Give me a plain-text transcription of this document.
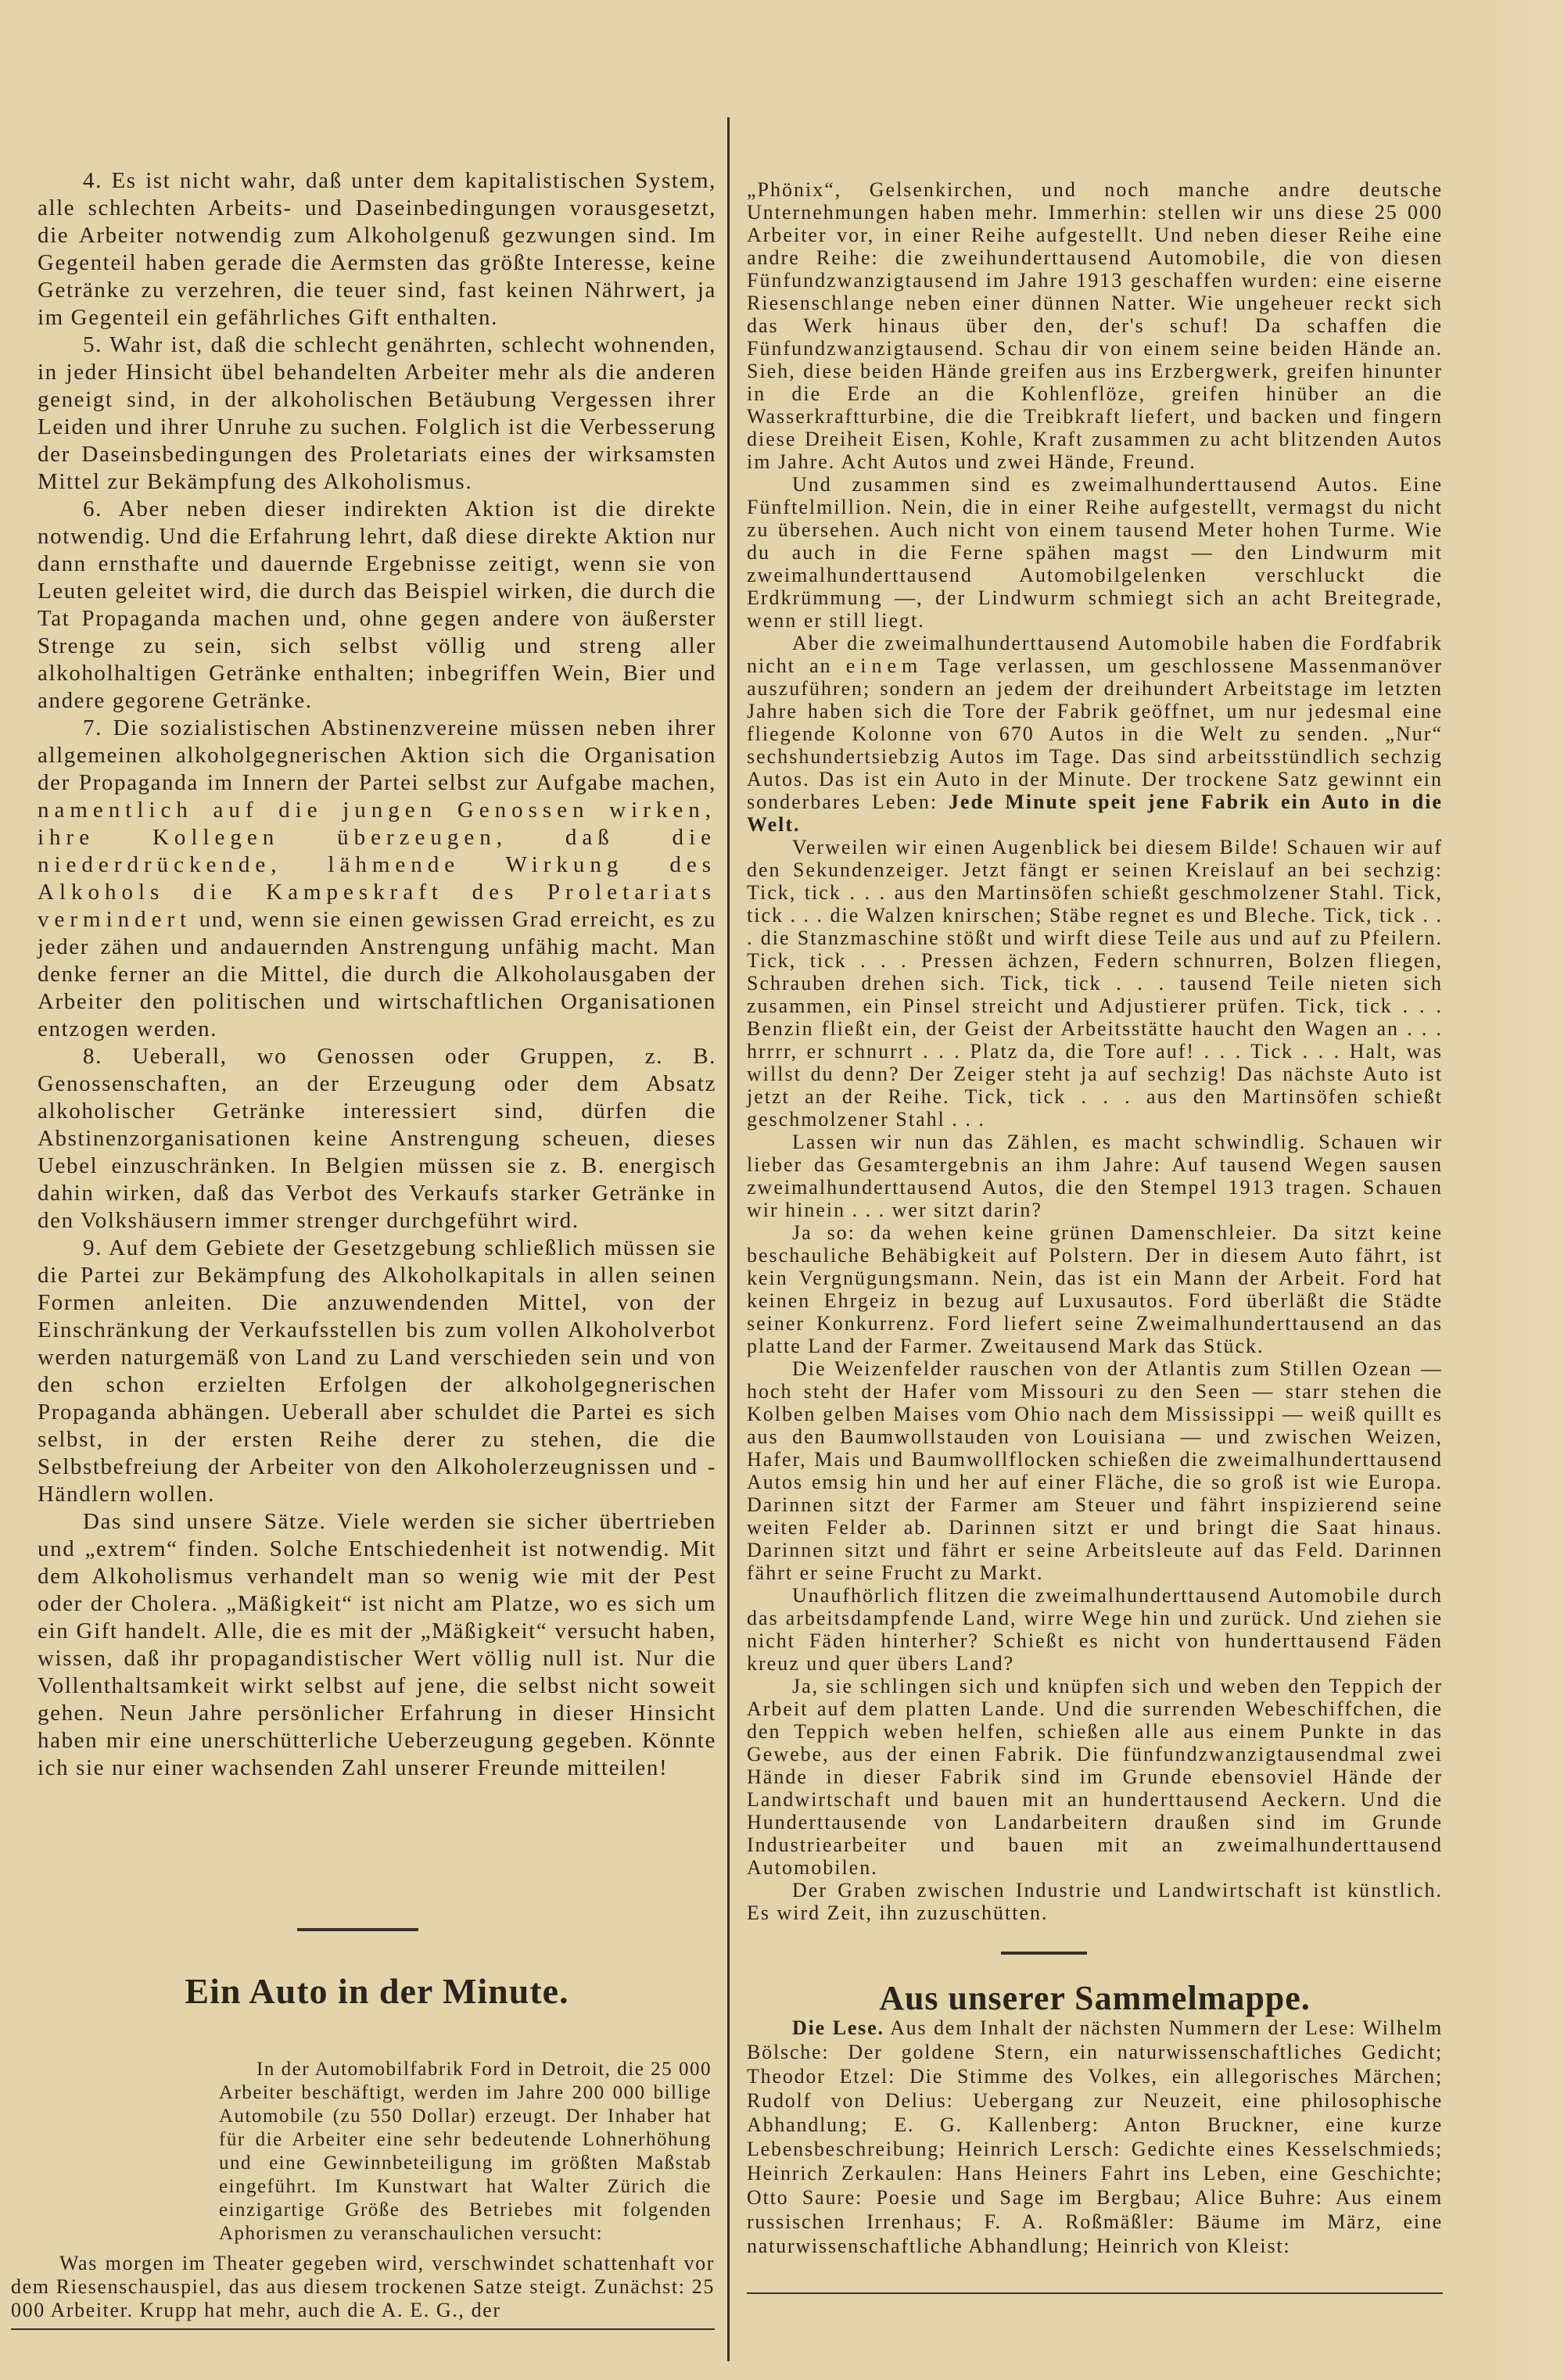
4. Es ist nicht wahr, daß unter dem kapitalistischen System, alle schlechten Arbeits- und Daseinbedingungen vorausgesetzt, die Arbeiter notwendig zum Alkoholgenuß gezwungen sind. Im Gegenteil haben gerade die Aermsten das größte Interesse, keine Getränke zu verzehren, die teuer sind, fast keinen Nährwert, ja im Gegenteil ein gefährliches Gift enthalten.

5. Wahr ist, daß die schlecht genährten, schlecht wohnenden, in jeder Hinsicht übel behandelten Arbeiter mehr als die anderen geneigt sind, in der alkoholischen Betäubung Vergessen ihrer Leiden und ihrer Unruhe zu suchen. Folglich ist die Verbesserung der Daseinsbedingungen des Proletariats eines der wirksamsten Mittel zur Bekämpfung des Alkoholismus.

6. Aber neben dieser indirekten Aktion ist die direkte notwendig. Und die Erfahrung lehrt, daß diese direkte Aktion nur dann ernsthafte und dauernde Ergebnisse zeitigt, wenn sie von Leuten geleitet wird, die durch das Beispiel wirken, die durch die Tat Propaganda machen und, ohne gegen andere von äußerster Strenge zu sein, sich selbst völlig und streng aller alkoholhaltigen Getränke enthalten; inbegriffen Wein, Bier und andere gegorene Getränke.

7. Die sozialistischen Abstinenzvereine müssen neben ihrer allgemeinen alkoholgegnerischen Aktion sich die Organisation der Propaganda im Innern der Partei selbst zur Aufgabe machen, namentlich auf die jungen Genossen wirken, ihre Kollegen überzeugen, daß die niederdrückende, lähmende Wirkung des Alkohols die Kampeskraft des Proletariats vermindert und, wenn sie einen gewissen Grad erreicht, es zu jeder zähen und andauernden Anstrengung unfähig macht. Man denke ferner an die Mittel, die durch die Alkoholausgaben der Arbeiter den politischen und wirtschaftlichen Organisationen entzogen werden.

8. Ueberall, wo Genossen oder Gruppen, z. B. Genossenschaften, an der Erzeugung oder dem Absatz alkoholischer Getränke interessiert sind, dürfen die Abstinenzorganisationen keine Anstrengung scheuen, dieses Uebel einzuschränken. In Belgien müssen sie z. B. energisch dahin wirken, daß das Verbot des Verkaufs starker Getränke in den Volkshäusern immer strenger durchgeführt wird.

9. Auf dem Gebiete der Gesetzgebung schließlich müssen sie die Partei zur Bekämpfung des Alkoholkapitals in allen seinen Formen anleiten. Die anzuwendenden Mittel, von der Einschränkung der Verkaufsstellen bis zum vollen Alkoholverbot werden naturgemäß von Land zu Land verschieden sein und von den schon erzielten Erfolgen der alkoholgegnerischen Propaganda abhängen. Ueberall aber schuldet die Partei es sich selbst, in der ersten Reihe derer zu stehen, die die Selbstbefreiung der Arbeiter von den Alkoholerzeugnissen und -Händlern wollen.

Das sind unsere Sätze. Viele werden sie sicher übertrieben und „extrem“ finden. Solche Entschiedenheit ist notwendig. Mit dem Alkoholismus verhandelt man so wenig wie mit der Pest oder der Cholera. „Mäßigkeit“ ist nicht am Platze, wo es sich um ein Gift handelt. Alle, die es mit der „Mäßigkeit“ versucht haben, wissen, daß ihr propagandistischer Wert völlig null ist. Nur die Vollenthaltsamkeit wirkt selbst auf jene, die selbst nicht soweit gehen. Neun Jahre persönlicher Erfahrung in dieser Hinsicht haben mir eine unerschütterliche Ueberzeugung gegeben. Könnte ich sie nur einer wachsenden Zahl unserer Freunde mitteilen!

Ein Auto in der Minute.

In der Automobilfabrik Ford in Detroit, die 25 000 Arbeiter beschäftigt, werden im Jahre 200 000 billige Automobile (zu 550 Dollar) erzeugt. Der Inhaber hat für die Arbeiter eine sehr bedeutende Lohnerhöhung und eine Gewinnbeteiligung im größten Maßstab eingeführt. Im Kunstwart hat Walter Zürich die einzigartige Größe des Betriebes mit folgenden Aphorismen zu veranschaulichen versucht:

Was morgen im Theater gegeben wird, verschwindet schattenhaft vor dem Riesenschauspiel, das aus diesem trockenen Satze steigt. Zunächst: 25 000 Arbeiter. Krupp hat mehr, auch die A. E. G., der

„Phönix“, Gelsenkirchen, und noch manche andre deutsche Unternehmungen haben mehr. Immerhin: stellen wir uns diese 25 000 Arbeiter vor, in einer Reihe aufgestellt. Und neben dieser Reihe eine andre Reihe: die zweihunderttausend Automobile, die von diesen Fünfundzwanzigtausend im Jahre 1913 geschaffen wurden: eine eiserne Riesenschlange neben einer dünnen Natter. Wie ungeheuer reckt sich das Werk hinaus über den, der's schuf! Da schaffen die Fünfundzwanzigtausend. Schau dir von einem seine beiden Hände an. Sieh, diese beiden Hände greifen aus ins Erzbergwerk, greifen hinunter in die Erde an die Kohlenflöze, greifen hinüber an die Wasserkraftturbine, die die Treibkraft liefert, und backen und fingern diese Dreiheit Eisen, Kohle, Kraft zusammen zu acht blitzenden Autos im Jahre. Acht Autos und zwei Hände, Freund.

Und zusammen sind es zweimalhunderttausend Autos. Eine Fünftelmillion. Nein, die in einer Reihe aufgestellt, vermagst du nicht zu übersehen. Auch nicht von einem tausend Meter hohen Turme. Wie du auch in die Ferne spähen magst — den Lindwurm mit zweimalhunderttausend Automobilgelenken verschluckt die Erdkrümmung —, der Lindwurm schmiegt sich an acht Breitegrade, wenn er still liegt.

Aber die zweimalhunderttausend Automobile haben die Fordfabrik nicht an einem Tage verlassen, um geschlossene Massenmanöver auszuführen; sondern an jedem der dreihundert Arbeitstage im letzten Jahre haben sich die Tore der Fabrik geöffnet, um nur jedesmal eine fliegende Kolonne von 670 Autos in die Welt zu senden. „Nur“ sechshundertsiebzig Autos im Tage. Das sind arbeitsstündlich sechzig Autos. Das ist ein Auto in der Minute. Der trockene Satz gewinnt ein sonderbares Leben: Jede Minute speit jene Fabrik ein Auto in die Welt.

Verweilen wir einen Augenblick bei diesem Bilde! Schauen wir auf den Sekundenzeiger. Jetzt fängt er seinen Kreislauf an bei sechzig: Tick, tick . . . aus den Martinsöfen schießt geschmolzener Stahl. Tick, tick . . . die Walzen knirschen; Stäbe regnet es und Bleche. Tick, tick . . . die Stanzmaschine stößt und wirft diese Teile aus und auf zu Pfeilern. Tick, tick . . . Pressen ächzen, Federn schnurren, Bolzen fliegen, Schrauben drehen sich. Tick, tick . . . tausend Teile nieten sich zusammen, ein Pinsel streicht und Adjustierer prüfen. Tick, tick . . . Benzin fließt ein, der Geist der Arbeitsstätte haucht den Wagen an . . . hrrrr, er schnurrt . . . Platz da, die Tore auf! . . . Tick . . . Halt, was willst du denn? Der Zeiger steht ja auf sechzig! Das nächste Auto ist jetzt an der Reihe. Tick, tick . . . aus den Martinsöfen schießt geschmolzener Stahl . . .

Lassen wir nun das Zählen, es macht schwindlig. Schauen wir lieber das Gesamtergebnis an ihm Jahre: Auf tausend Wegen sausen zweimalhunderttausend Autos, die den Stempel 1913 tragen. Schauen wir hinein . . . wer sitzt darin?

Ja so: da wehen keine grünen Damenschleier. Da sitzt keine beschauliche Behäbigkeit auf Polstern. Der in diesem Auto fährt, ist kein Vergnügungsmann. Nein, das ist ein Mann der Arbeit. Ford hat keinen Ehrgeiz in bezug auf Luxusautos. Ford überläßt die Städte seiner Konkurrenz. Ford liefert seine Zweimalhunderttausend an das platte Land der Farmer. Zweitausend Mark das Stück.

Die Weizenfelder rauschen von der Atlantis zum Stillen Ozean — hoch steht der Hafer vom Missouri zu den Seen — starr stehen die Kolben gelben Maises vom Ohio nach dem Mississippi — weiß quillt es aus den Baumwollstauden von Louisiana — und zwischen Weizen, Hafer, Mais und Baumwollflocken schießen die zweimalhunderttausend Autos emsig hin und her auf einer Fläche, die so groß ist wie Europa. Darinnen sitzt der Farmer am Steuer und fährt inspizierend seine weiten Felder ab. Darinnen sitzt er und bringt die Saat hinaus. Darinnen sitzt und fährt er seine Arbeitsleute auf das Feld. Darinnen fährt er seine Frucht zu Markt.

Unaufhörlich flitzen die zweimalhunderttausend Automobile durch das arbeitsdampfende Land, wirre Wege hin und zurück. Und ziehen sie nicht Fäden hinterher? Schießt es nicht von hunderttausend Fäden kreuz und quer übers Land?

Ja, sie schlingen sich und knüpfen sich und weben den Teppich der Arbeit auf dem platten Lande. Und die surrenden Webeschiffchen, die den Teppich weben helfen, schießen alle aus einem Punkte in das Gewebe, aus der einen Fabrik. Die fünfundzwanzigtausendmal zwei Hände in dieser Fabrik sind im Grunde ebensoviel Hände der Landwirtschaft und bauen mit an hunderttausend Aeckern. Und die Hunderttausende von Landarbeitern draußen sind im Grunde Industriearbeiter und bauen mit an zweimalhunderttausend Automobilen.

Der Graben zwischen Industrie und Landwirtschaft ist künstlich. Es wird Zeit, ihn zuzuschütten.

Aus unserer Sammelmappe.

Die Lese. Aus dem Inhalt der nächsten Nummern der Lese: Wilhelm Bölsche: Der goldene Stern, ein naturwissenschaftliches Gedicht; Theodor Etzel: Die Stimme des Volkes, ein allegorisches Märchen; Rudolf von Delius: Uebergang zur Neuzeit, eine philosophische Abhandlung; E. G. Kallenberg: Anton Bruckner, eine kurze Lebensbeschreibung; Heinrich Lersch: Gedichte eines Kesselschmieds; Heinrich Zerkaulen: Hans Heiners Fahrt ins Leben, eine Geschichte; Otto Saure: Poesie und Sage im Bergbau; Alice Buhre: Aus einem russischen Irrenhaus; F. A. Roßmäßler: Bäume im März, eine naturwissenschaftliche Abhandlung; Heinrich von Kleist:
